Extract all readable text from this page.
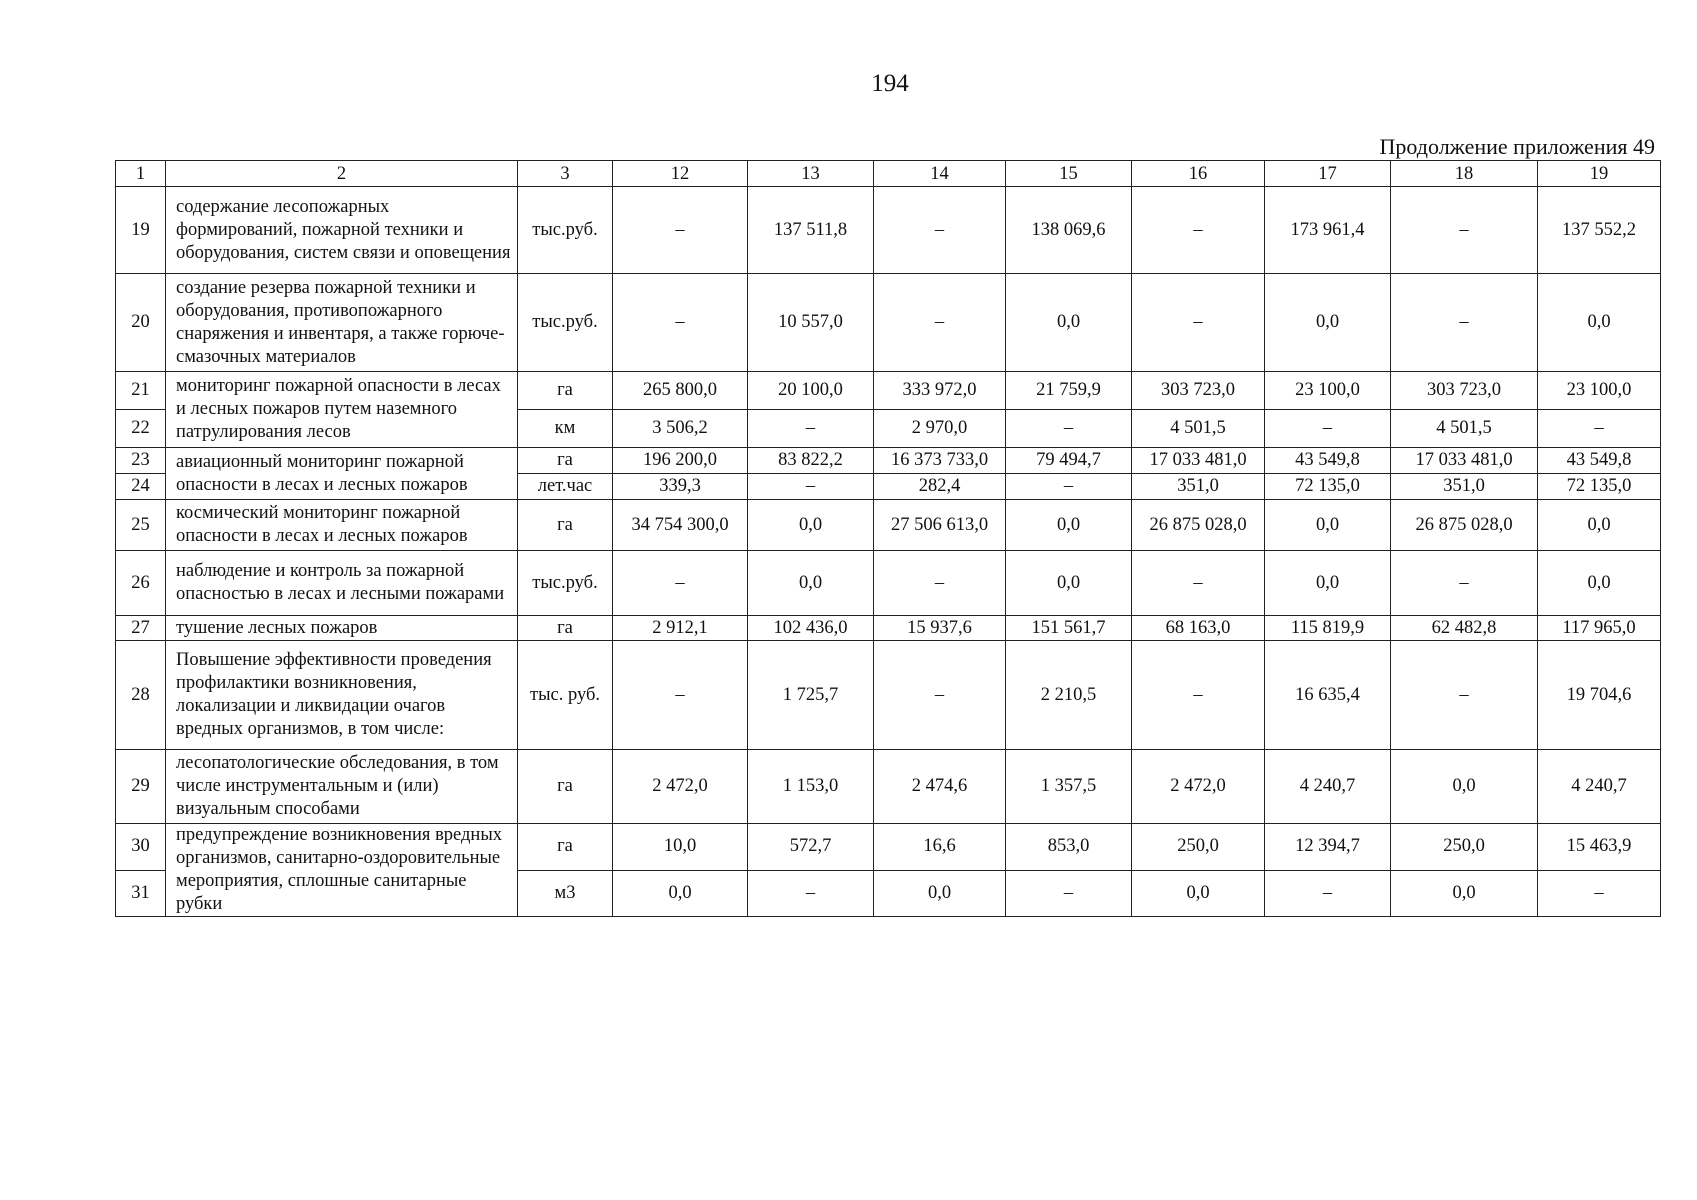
194
Продолжение приложения 49
1	2	3	12	13	14	15	16	17	18	19
19	содержание лесопожарных формирований, пожарной техники и оборудования, систем связи и оповещения	тыс.руб.	–	137 511,8	–	138 069,6	–	173 961,4	–	137 552,2
20	создание резерва пожарной техники и оборудования, противопожарного снаряжения и инвентаря, а также горюче-смазочных материалов	тыс.руб.	–	10 557,0	–	0,0	–	0,0	–	0,0
21	мониторинг пожарной опасности в лесах и лесных пожаров путем наземного патрулирования лесов	га	265 800,0	20 100,0	333 972,0	21 759,9	303 723,0	23 100,0	303 723,0	23 100,0
22		км	3 506,2	–	2 970,0	–	4 501,5	–	4 501,5	–
23	авиационный мониторинг пожарной опасности в лесах и лесных пожаров	га	196 200,0	83 822,2	16 373 733,0	79 494,7	17 033 481,0	43 549,8	17 033 481,0	43 549,8
24		лет.час	339,3	–	282,4	–	351,0	72 135,0	351,0	72 135,0
25	космический мониторинг пожарной опасности в лесах и лесных пожаров	га	34 754 300,0	0,0	27 506 613,0	0,0	26 875 028,0	0,0	26 875 028,0	0,0
26	наблюдение и контроль за пожарной опасностью в лесах и лесными пожарами	тыс.руб.	–	0,0	–	0,0	–	0,0	–	0,0
27	тушение лесных пожаров	га	2 912,1	102 436,0	15 937,6	151 561,7	68 163,0	115 819,9	62 482,8	117 965,0
28	Повышение эффективности проведения профилактики возникновения, локализации и ликвидации очагов вредных организмов, в том числе:	тыс. руб.	–	1 725,7	–	2 210,5	–	16 635,4	–	19 704,6
29	лесопатологические обследования, в том числе инструментальным и (или) визуальным способами	га	2 472,0	1 153,0	2 474,6	1 357,5	2 472,0	4 240,7	0,0	4 240,7
30	предупреждение возникновения вредных организмов, санитарно-оздоровительные мероприятия, сплошные санитарные рубки	га	10,0	572,7	16,6	853,0	250,0	12 394,7	250,0	15 463,9
31		м3	0,0	–	0,0	–	0,0	–	0,0	–
